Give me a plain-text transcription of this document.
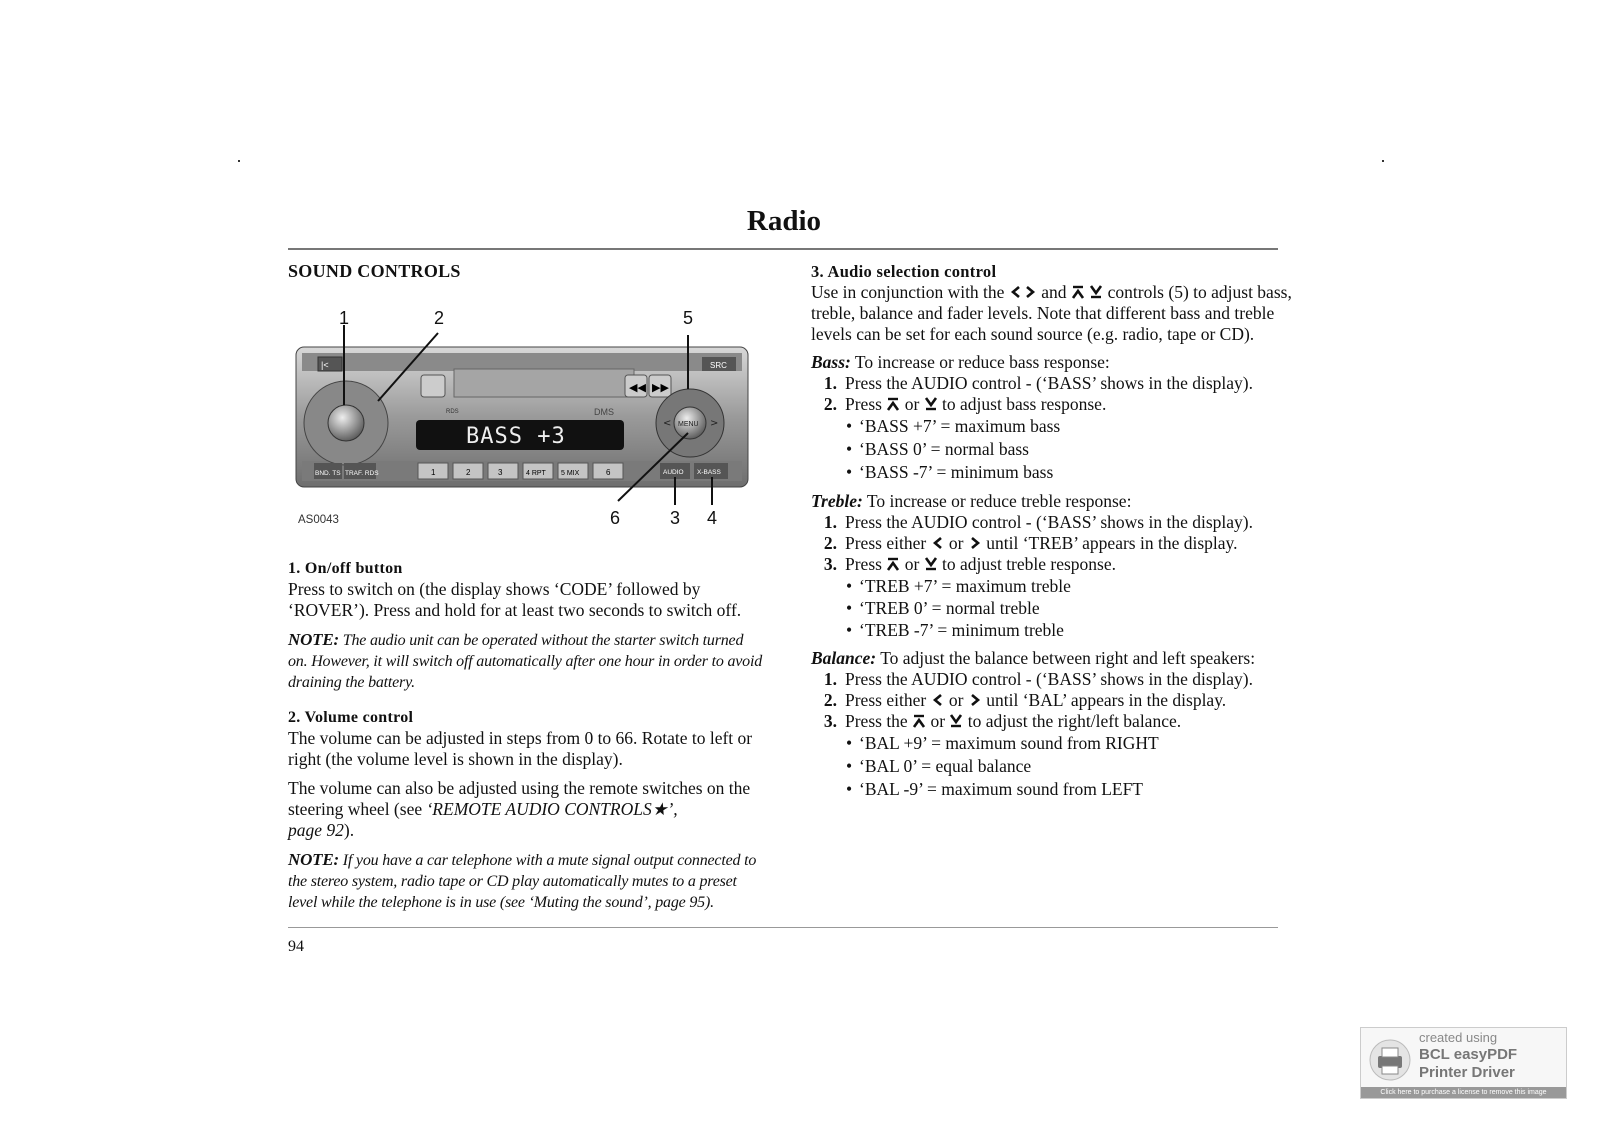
Radio
SOUND CONTROLS
|<	SRC
◀◀ ▶▶
MENU
<	>
RDS	DMS
BASS +3
BND. TS TRAF. RDS	1	2	3	4 RPT 5 MIX	6	AUDIO X-BASS
1	2	5
6	3 4
AS0043
1. On/off button

Press to switch on (the display shows ‘CODE’ followed by ‘ROVER’). Press and hold for at least two seconds to switch off.

NOTE: The audio unit can be operated without the starter switch turned on. However, it will switch off automatically after one hour in order to avoid draining the battery.

2. Volume control

The volume can be adjusted in steps from 0 to 66. Rotate to left or right (the volume level is shown in the display).

The volume can also be adjusted using the remote switches on the steering wheel (see ‘REMOTE AUDIO CONTROLS★’,
page 92).

NOTE: If you have a car telephone with a mute signal output connected to the stereo system, radio tape or CD play automatically mutes to a preset level while the telephone is in use (see ‘Muting the sound’, page 95).

3. Audio selection control

Use in conjunction with the and
controls (5) to adjust bass, treble, balance and fader levels. Note that different bass and treble levels can be set for each sound source (e.g. radio, tape or CD).

Bass: To increase or reduce bass response:

1. Press the AUDIO control - (‘BASS’ shows in the display).
2. Press or to adjust bass response.
• ‘BASS +7’ = maximum bass
• ‘BASS 0’ = normal bass
• ‘BASS -7’ = minimum bass

Treble: To increase or reduce treble response:

1. Press the AUDIO control - (‘BASS’ shows in the display).
2. Press either or until ‘TREB’ appears in the display.
3. Press or to adjust treble response.
• ‘TREB +7’ = maximum treble
• ‘TREB 0’ = normal treble
• ‘TREB -7’ = minimum treble

Balance: To adjust the balance between right and left speakers:

1. Press the AUDIO control - (‘BASS’ shows in the display).
2. Press either or until ‘BAL’ appears in the display.
3. Press the or to adjust the right/left balance.
• ‘BAL +9’ = maximum sound from RIGHT
• ‘BAL 0’ = equal balance
• ‘BAL -9’ = maximum sound from LEFT
94
created using
BCL easyPDF
Printer Driver
Click here to purchase a license to remove this image
